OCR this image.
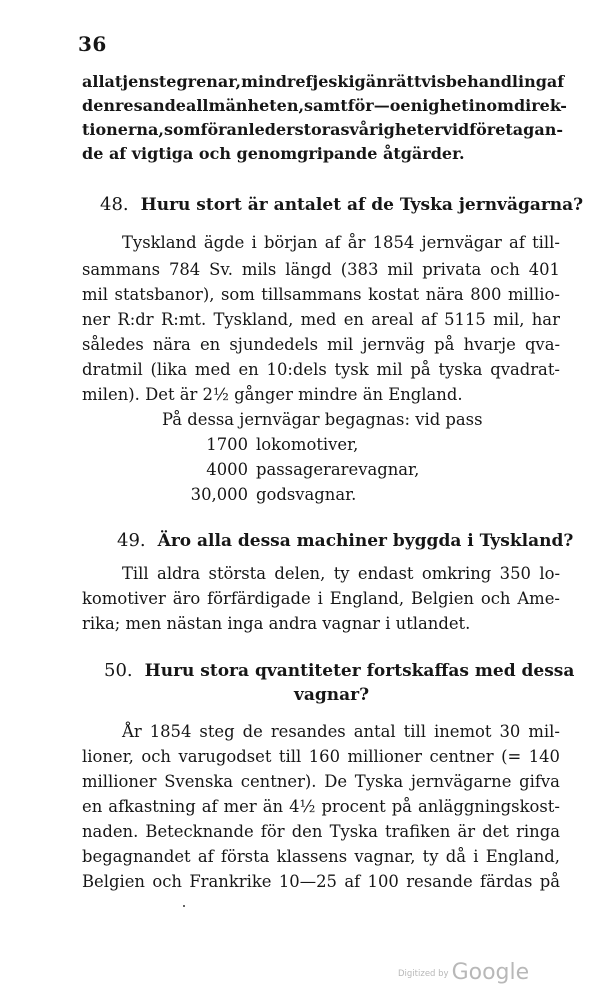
36
alla tjenstegrenar, mindre fjeskig än rättvis behandling af
den resande allmänheten, samt för — oenighet inom direk-
tionerna, som föranleder stora svårigheter vid företagan-
de af vigtiga och genomgripande åtgärder.
48. Huru stort är antalet af de Tyska jernvägarna?
Tyskland ägde i början af år 1854 jernvägar af till-
sammans 784 Sv. mils längd (383 mil privata och 401
mil statsbanor), som tillsammans kostat nära 800 millio-
ner R:dr R:mt. Tyskland, med en areal af 5115 mil, har
således nära en sjundedels mil jernväg på hvarje qva-
dratmil (lika med en 10:dels tysk mil på tyska qvadrat-
milen). Det är 2½ gånger mindre än England.
På dessa jernvägar begagnas: vid pass
1700 lokomotiver,
4000 passagerarevagnar,
30,000 godsvagnar.
49. Äro alla dessa machiner byggda i Tyskland?
Till aldra största delen, ty endast omkring 350 lo-
komotiver äro förfärdigade i England, Belgien och Ame-
rika; men nästan inga andra vagnar i utlandet.
50. Huru stora qvantiteter fortskaffas med dessa
vagnar?
År 1854 steg de resandes antal till inemot 30 mil-
lioner, och varugodset till 160 millioner centner (= 140
millioner Svenska centner). De Tyska jernvägarne gifva
en afkastning af mer än 4½ procent på anläggningskost-
naden. Betecknande för den Tyska trafiken är det ringa
begagnandet af första klassens vagnar, ty då i England,
Belgien och Frankrike 10—25 af 100 resande färdas på
Digitized by Google
